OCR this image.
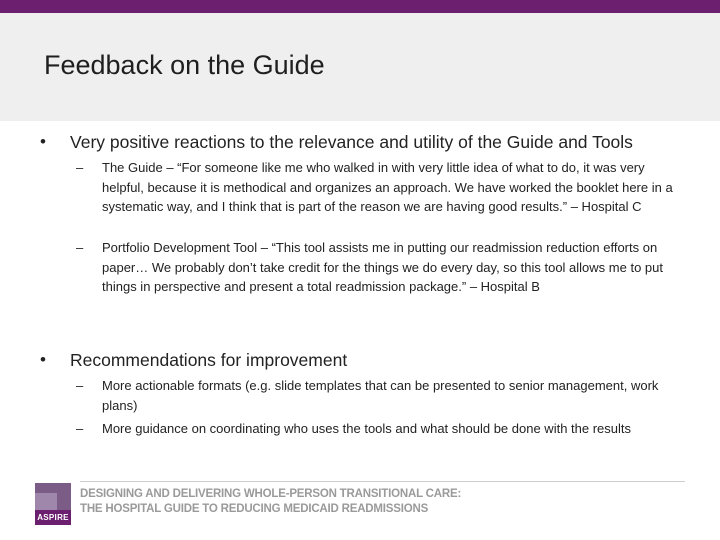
Feedback on the Guide
• Very positive reactions to the relevance and utility of the Guide and Tools
–	The Guide – “For someone like me who walked in with very little idea of what to do, it was very helpful, because it is methodical and organizes an approach. We have worked the booklet here in a systematic way, and I think that is part of the reason we are having good results.” – Hospital C
–	Portfolio Development Tool – “This tool assists me in putting our readmission reduction efforts on paper… We probably don’t take credit for the things we do every day, so this tool allows me to put things in perspective and present a total readmission package.” – Hospital B
• Recommendations for improvement
–	More actionable formats (e.g. slide templates that can be presented to senior management, work plans)
–	More guidance on coordinating who uses the tools and what should be done with the results
ASPIRE
DESIGNING AND DELIVERING WHOLE-PERSON TRANSITIONAL CARE:
THE HOSPITAL GUIDE TO REDUCING MEDICAID READMISSIONS
